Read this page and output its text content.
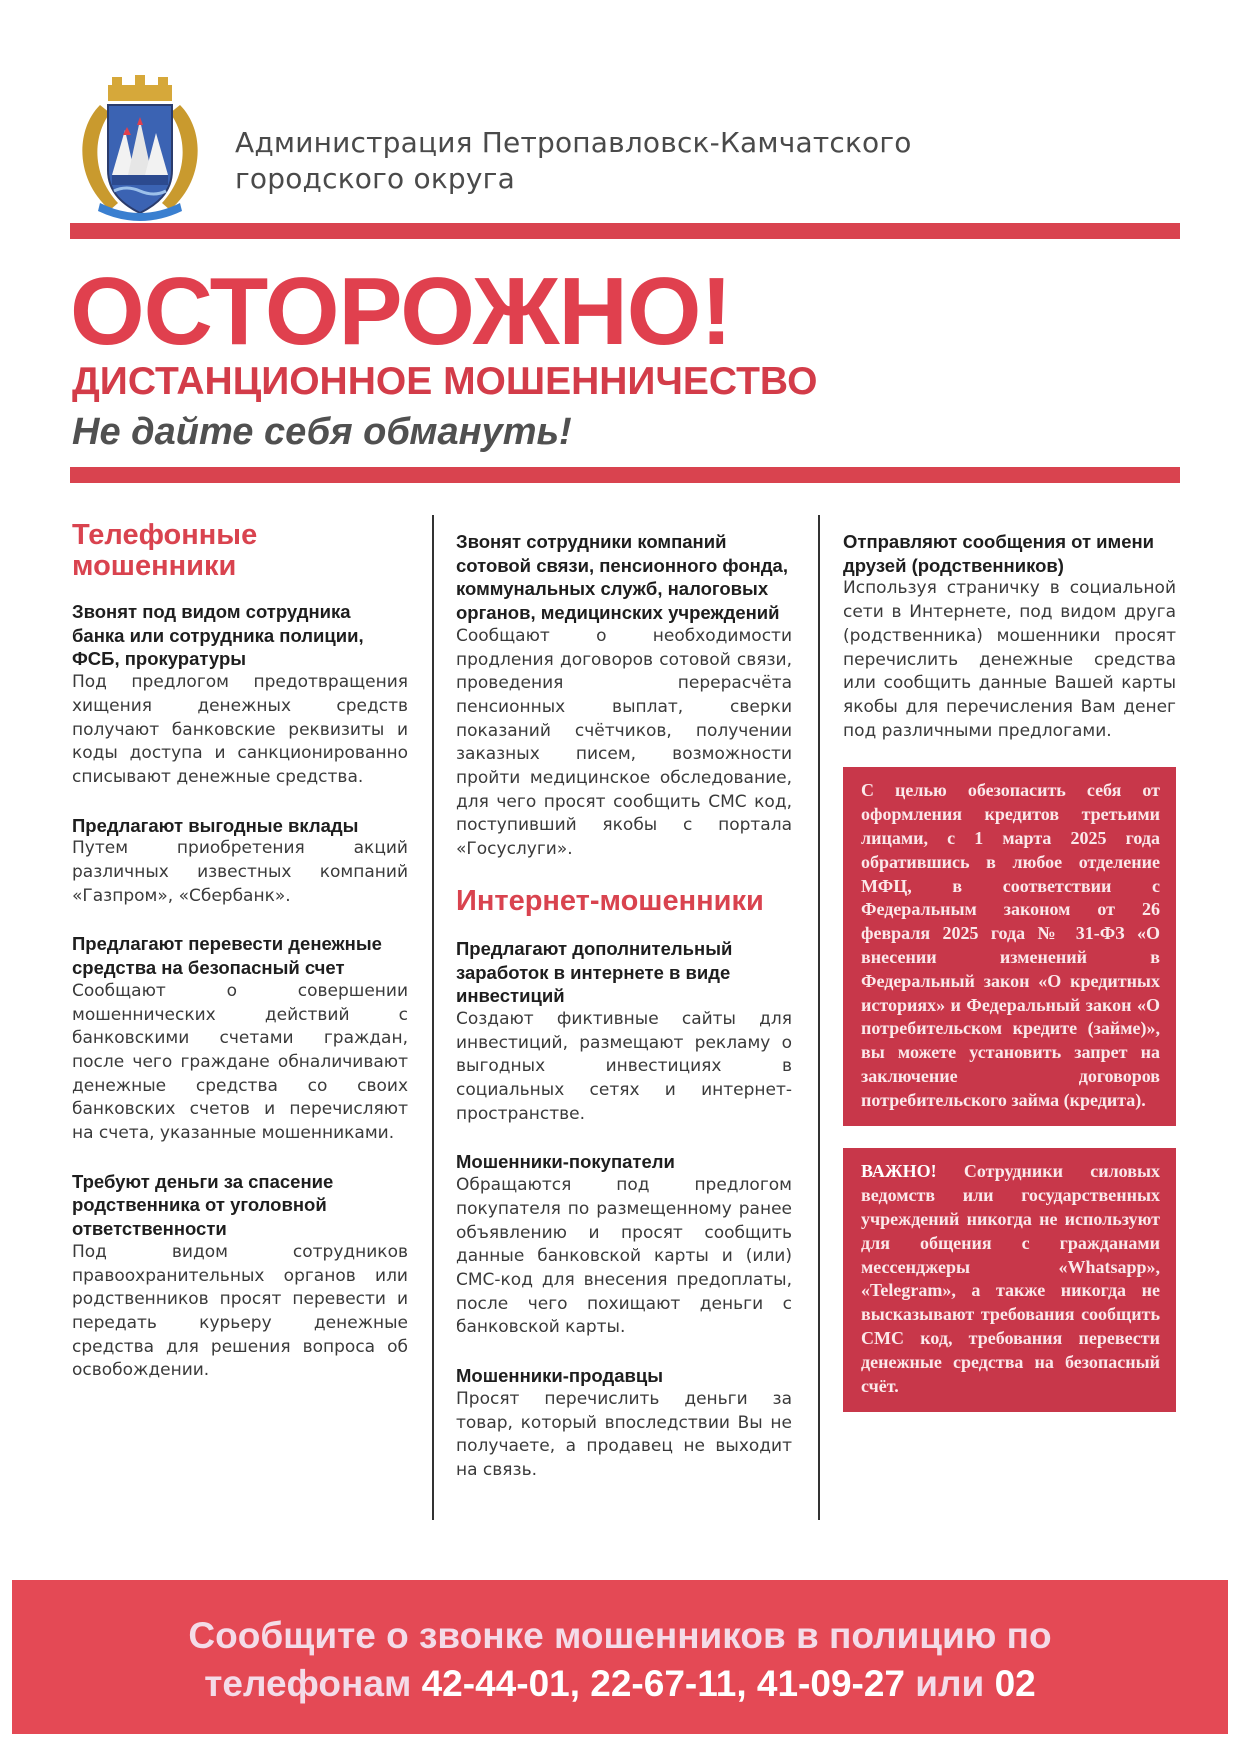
Администрация Петропавловск-Камчатского
городского округа
ОСТОРОЖНО!
ДИСТАНЦИОННОЕ МОШЕННИЧЕСТВО
Не дайте себя обмануть!
Телефонные мошенники
Звонят под видом сотрудника банка или сотрудника полиции, ФСБ, прокуратуры
Под предлогом предотвращения хищения денежных средств получают банковские реквизиты и коды доступа и санкционированно списывают денежные средства.
Предлагают выгодные вклады
Путем приобретения акций различных известных компаний «Газпром», «Сбербанк».
Предлагают перевести денежные средства на безопасный счет
Сообщают о совершении мошеннических действий с банковскими счетами граждан, после чего граждане обналичивают денежные средства со своих банковских счетов и перечисляют на счета, указанные мошенниками.
Требуют деньги за спасение родственника от уголовной ответственности
Под видом сотрудников правоохранительных органов или родственников просят перевести и передать курьеру денежные средства для решения вопроса об освобождении.
Звонят сотрудники компаний сотовой связи, пенсионного фонда, коммунальных служб, налоговых органов, медицинских учреждений
Сообщают о необходимости продления договоров сотовой связи, проведения перерасчёта пенсионных выплат, сверки показаний счётчиков, получении заказных писем, возможности пройти медицинское обследование, для чего просят сообщить СМС код, поступивший якобы с портала «Госуслуги».
Интернет-мошенники
Предлагают дополнительный заработок в интернете в виде инвестиций
Создают фиктивные сайты для инвестиций, размещают рекламу о выгодных инвестициях в социальных сетях и интернет-пространстве.
Мошенники-покупатели
Обращаются под предлогом покупателя по размещенному ранее объявлению и просят сообщить данные банковской карты и (или) СМС-код для внесения предоплаты, после чего похищают деньги с банковской карты.
Мошенники-продавцы
Просят перечислить деньги за товар, который впоследствии Вы не получаете, а продавец не выходит на связь.
Отправляют сообщения от имени друзей (родственников)
Используя страничку в социальной сети в Интернете, под видом друга (родственника) мошенники просят перечислить денежные средства или сообщить данные Вашей карты якобы для перечисления Вам денег под различными предлогами.
С целью обезопасить себя от оформления кредитов третьими лицами, с 1 марта 2025 года обратившись в любое отделение МФЦ, в соответствии с Федеральным законом от 26 февраля 2025 года № 31-ФЗ «О внесении изменений в Федеральный закон «О кредитных историях» и Федеральный закон «О потребительском кредите (займе)», вы можете установить запрет на заключение договоров потребительского займа (кредита).
ВАЖНО! Сотрудники силовых ведомств или государственных учреждений никогда не используют для общения с гражданами мессенджеры «Whatsapp», «Telegram», а также никогда не высказывают требования сообщить СМС код, требования перевести денежные средства на безопасный счёт.
Сообщите о звонке мошенников в полицию по
телефонам 42-44-01, 22-67-11, 41-09-27 или 02
